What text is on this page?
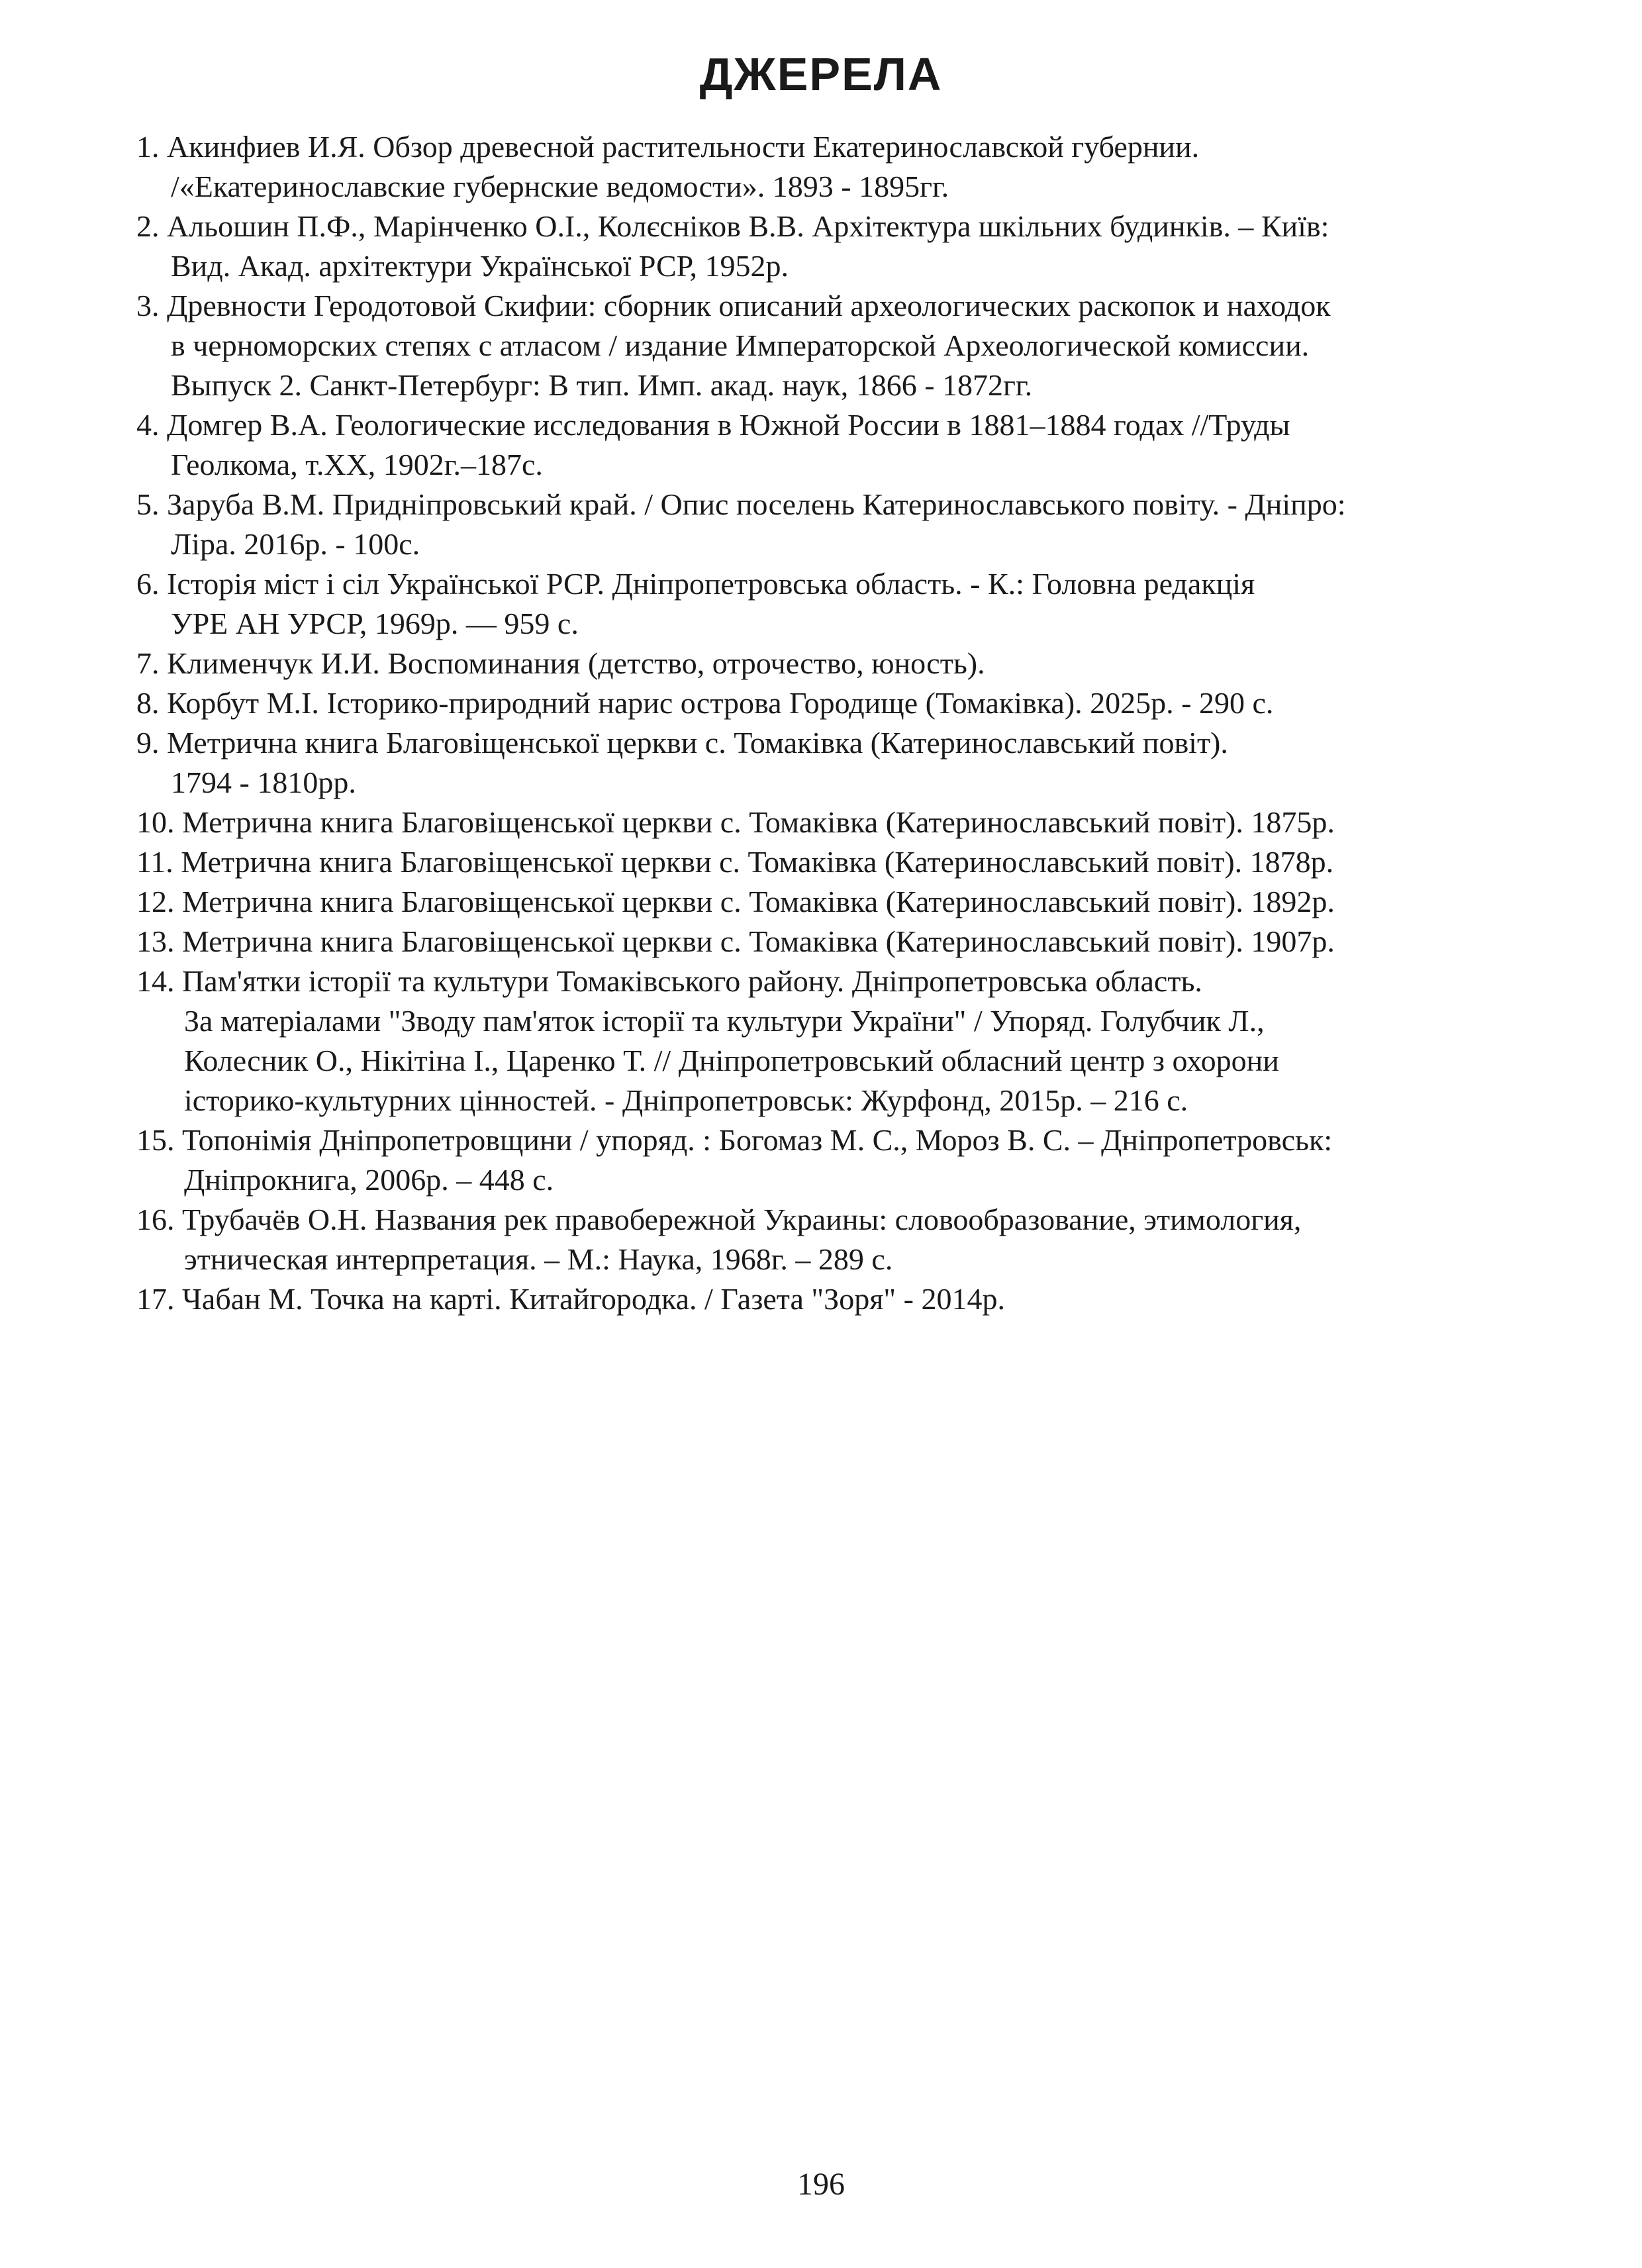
ДЖЕРЕЛА
1. Акинфиев И.Я. Обзор древесной растительности Екатеринославской губернии.
/«Екатеринославские губернские ведомости». 1893 - 1895гг.
2. Альошин П.Ф., Марінченко О.І., Колєсніков В.В. Архітектура шкільних будинків. – Київ:
Вид. Акад. архітектури Української РСР, 1952р.
3. Древности Геродотовой Скифии: сборник описаний археологических раскопок и находок
в черноморских степях с атласом / издание Императорской Археологической комиссии.
Выпуск 2. Санкт-Петербург: В тип. Имп. акад. наук, 1866 - 1872гг.
4. Домгер В.А. Геологические исследования в Южной России в 1881–1884 годах //Труды
Геолкома, т.XX, 1902г.–187с.
5. Заруба В.М. Придніпровський край. / Опис поселень Катеринославського повіту. - Дніпро:
Ліра. 2016р. - 100с.
6. Історія міст і сіл Української РСР. Дніпропетровська область. - К.: Головна редакція
УРЕ АН УРСР, 1969р. — 959 с.
7. Клименчук И.И. Воспоминания (детство, отрочество, юность).
8. Корбут М.І. Історико-природний нарис острова Городище (Томаківка). 2025р. - 290 с.
9. Метрична книга Благовіщенської церкви с. Томаківка (Катеринославський повіт).
1794 - 1810рр.
10. Метрична книга Благовіщенської церкви с. Томаківка (Катеринославський повіт). 1875р.
11. Метрична книга Благовіщенської церкви с. Томаківка (Катеринославський повіт). 1878р.
12. Метрична книга Благовіщенської церкви с. Томаківка (Катеринославський повіт). 1892р.
13. Метрична книга Благовіщенської церкви с. Томаківка (Катеринославський повіт). 1907р.
14. Пам'ятки історії та культури Томаківського району. Дніпропетровська область.
За матеріалами "Зводу пам'яток історії та культури України" / Упоряд. Голубчик Л.,
Колесник О., Нікітіна І., Царенко Т. // Дніпропетровський обласний центр з охорони
історико-культурних цінностей. - Дніпропетровськ: Журфонд, 2015р. – 216 с.
15. Топонімія Дніпропетровщини / упоряд. : Богомаз М. С., Мороз В. С. – Дніпропетровськ:
Дніпрокнига, 2006р. – 448 с.
16. Трубачёв О.Н. Названия рек правобережной Украины: словообразование, этимология,
этническая интерпретация. – М.: Наука, 1968г. – 289 с.
17. Чабан М. Точка на карті. Китайгородка. / Газета "Зоря" - 2014р.
196
